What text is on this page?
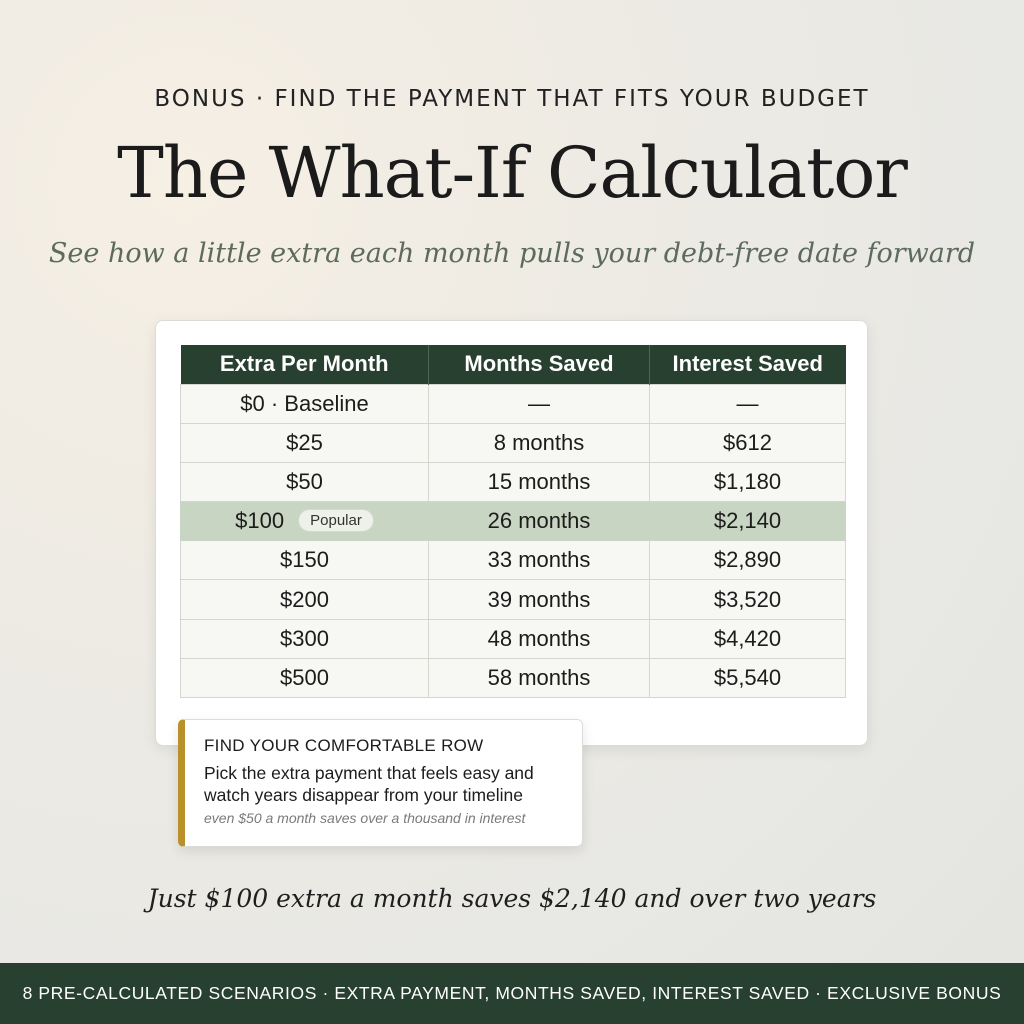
BONUS · FIND THE PAYMENT THAT FITS YOUR BUDGET
The What-If Calculator
See how a little extra each month pulls your debt-free date forward
Extra Per Month	Months Saved	Interest Saved
$0 · Baseline	—	—
$25	8 months	$612
$50	15 months	$1,180
$100 Popular	26 months	$2,140
$150	33 months	$2,890
$200	39 months	$3,520
$300	48 months	$4,420
$500	58 months	$5,540
FIND YOUR COMFORTABLE ROW
Pick the extra payment that feels easy and watch years disappear from your timeline
even $50 a month saves over a thousand in interest
Just $100 extra a month saves $2,140 and over two years
8 PRE-CALCULATED SCENARIOS · EXTRA PAYMENT, MONTHS SAVED, INTEREST SAVED · EXCLUSIVE BONUS
